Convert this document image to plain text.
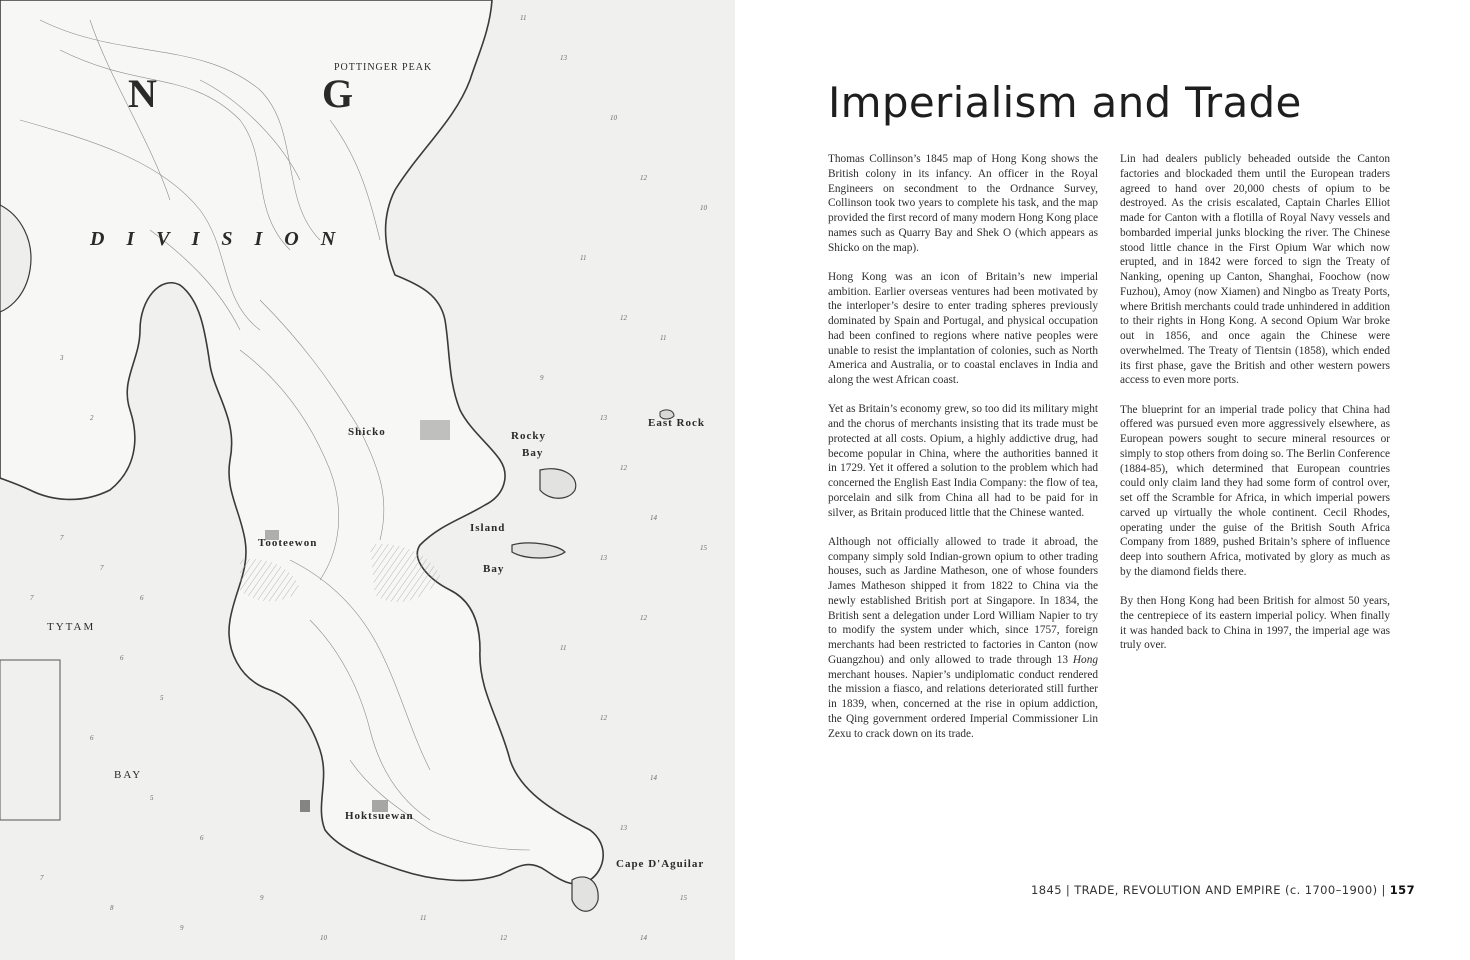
11
13
10
12
10
11
12
11
9
13
12
14
13
15
12
11
12
14
13
15
14
7
7
6
7
6
5
6
5
6
7
8
9
9
10
11
12
3
2
N	G
DIVISION
POTTINGER PEAK
East Rock
Shicko	Rocky
Bay
Island
Bay
Tooteewon
TYTAM
BAY
Hoktsuewan
Cape D'Aguilar
Imperialism and Trade

Thomas Collinson’s 1845 map of Hong Kong shows the British colony in its infancy. An officer in the Royal Engineers on secondment to the Ordnance Survey, Collinson took two years to complete his task, and the map provided the first record of many modern Hong Kong place names such as Quarry Bay and Shek O (which appears as Shicko on the map).

Hong Kong was an icon of Britain’s new imperial ambition. Earlier overseas ventures had been motivated by the interloper’s desire to enter trading spheres previously dominated by Spain and Portugal, and physical occupation had been confined to regions where native peoples were unable to resist the implantation of colonies, such as North America and Australia, or to coastal enclaves in India and along the west African coast.

Yet as Britain’s economy grew, so too did its military might and the chorus of merchants insisting that its trade must be protected at all costs. Opium, a highly addictive drug, had become popular in China, where the authorities banned it in 1729. Yet it offered a solution to the problem which had concerned the English East India Company: the flow of tea, porcelain and silk from China all had to be paid for in silver, as Britain produced little that the Chinese wanted.

Although not officially allowed to trade it abroad, the company simply sold Indian-grown opium to other trading houses, such as Jardine Matheson, one of whose founders James Matheson shipped it from 1822 to China via the newly established British port at Singapore. In 1834, the British sent a delegation under Lord William Napier to try to modify the system under which, since 1757, foreign merchants had been restricted to factories in Canton (now Guangzhou) and only allowed to trade through 13 Hong merchant houses. Napier’s undiplomatic conduct rendered the mission a fiasco, and relations deteriorated still further in 1839, when, concerned at the rise in opium addiction, the Qing government ordered Imperial Commissioner Lin Zexu to crack down on its trade.

Lin had dealers publicly beheaded outside the Canton factories and blockaded them until the European traders agreed to hand over 20,000 chests of opium to be destroyed. As the crisis escalated, Captain Charles Elliot made for Canton with a flotilla of Royal Navy vessels and bombarded imperial junks blocking the river. The Chinese stood little chance in the First Opium War which now erupted, and in 1842 were forced to sign the Treaty of Nanking, opening up Canton, Shanghai, Foochow (now Fuzhou), Amoy (now Xiamen) and Ningbo as Treaty Ports, where British merchants could trade unhindered in addition to their rights in Hong Kong. A second Opium War broke out in 1856, and once again the Chinese were overwhelmed. The Treaty of Tientsin (1858), which ended its first phase, gave the British and other western powers access to even more ports.

The blueprint for an imperial trade policy that China had offered was pursued even more aggressively elsewhere, as European powers sought to secure mineral resources or simply to stop others from doing so. The Berlin Conference (1884-85), which determined that European countries could only claim land they had some form of control over, set off the Scramble for Africa, in which imperial powers carved up virtually the whole continent. Cecil Rhodes, operating under the guise of the British South Africa Company from 1889, pushed Britain’s sphere of influence deep into southern Africa, motivated by glory as much as by the diamond fields there.

By then Hong Kong had been British for almost 50 years, the centrepiece of its eastern imperial policy. When finally it was handed back to China in 1997, the imperial age was truly over.

1845 | TRADE, REVOLUTION AND EMPIRE (c. 1700–1900) | 157
